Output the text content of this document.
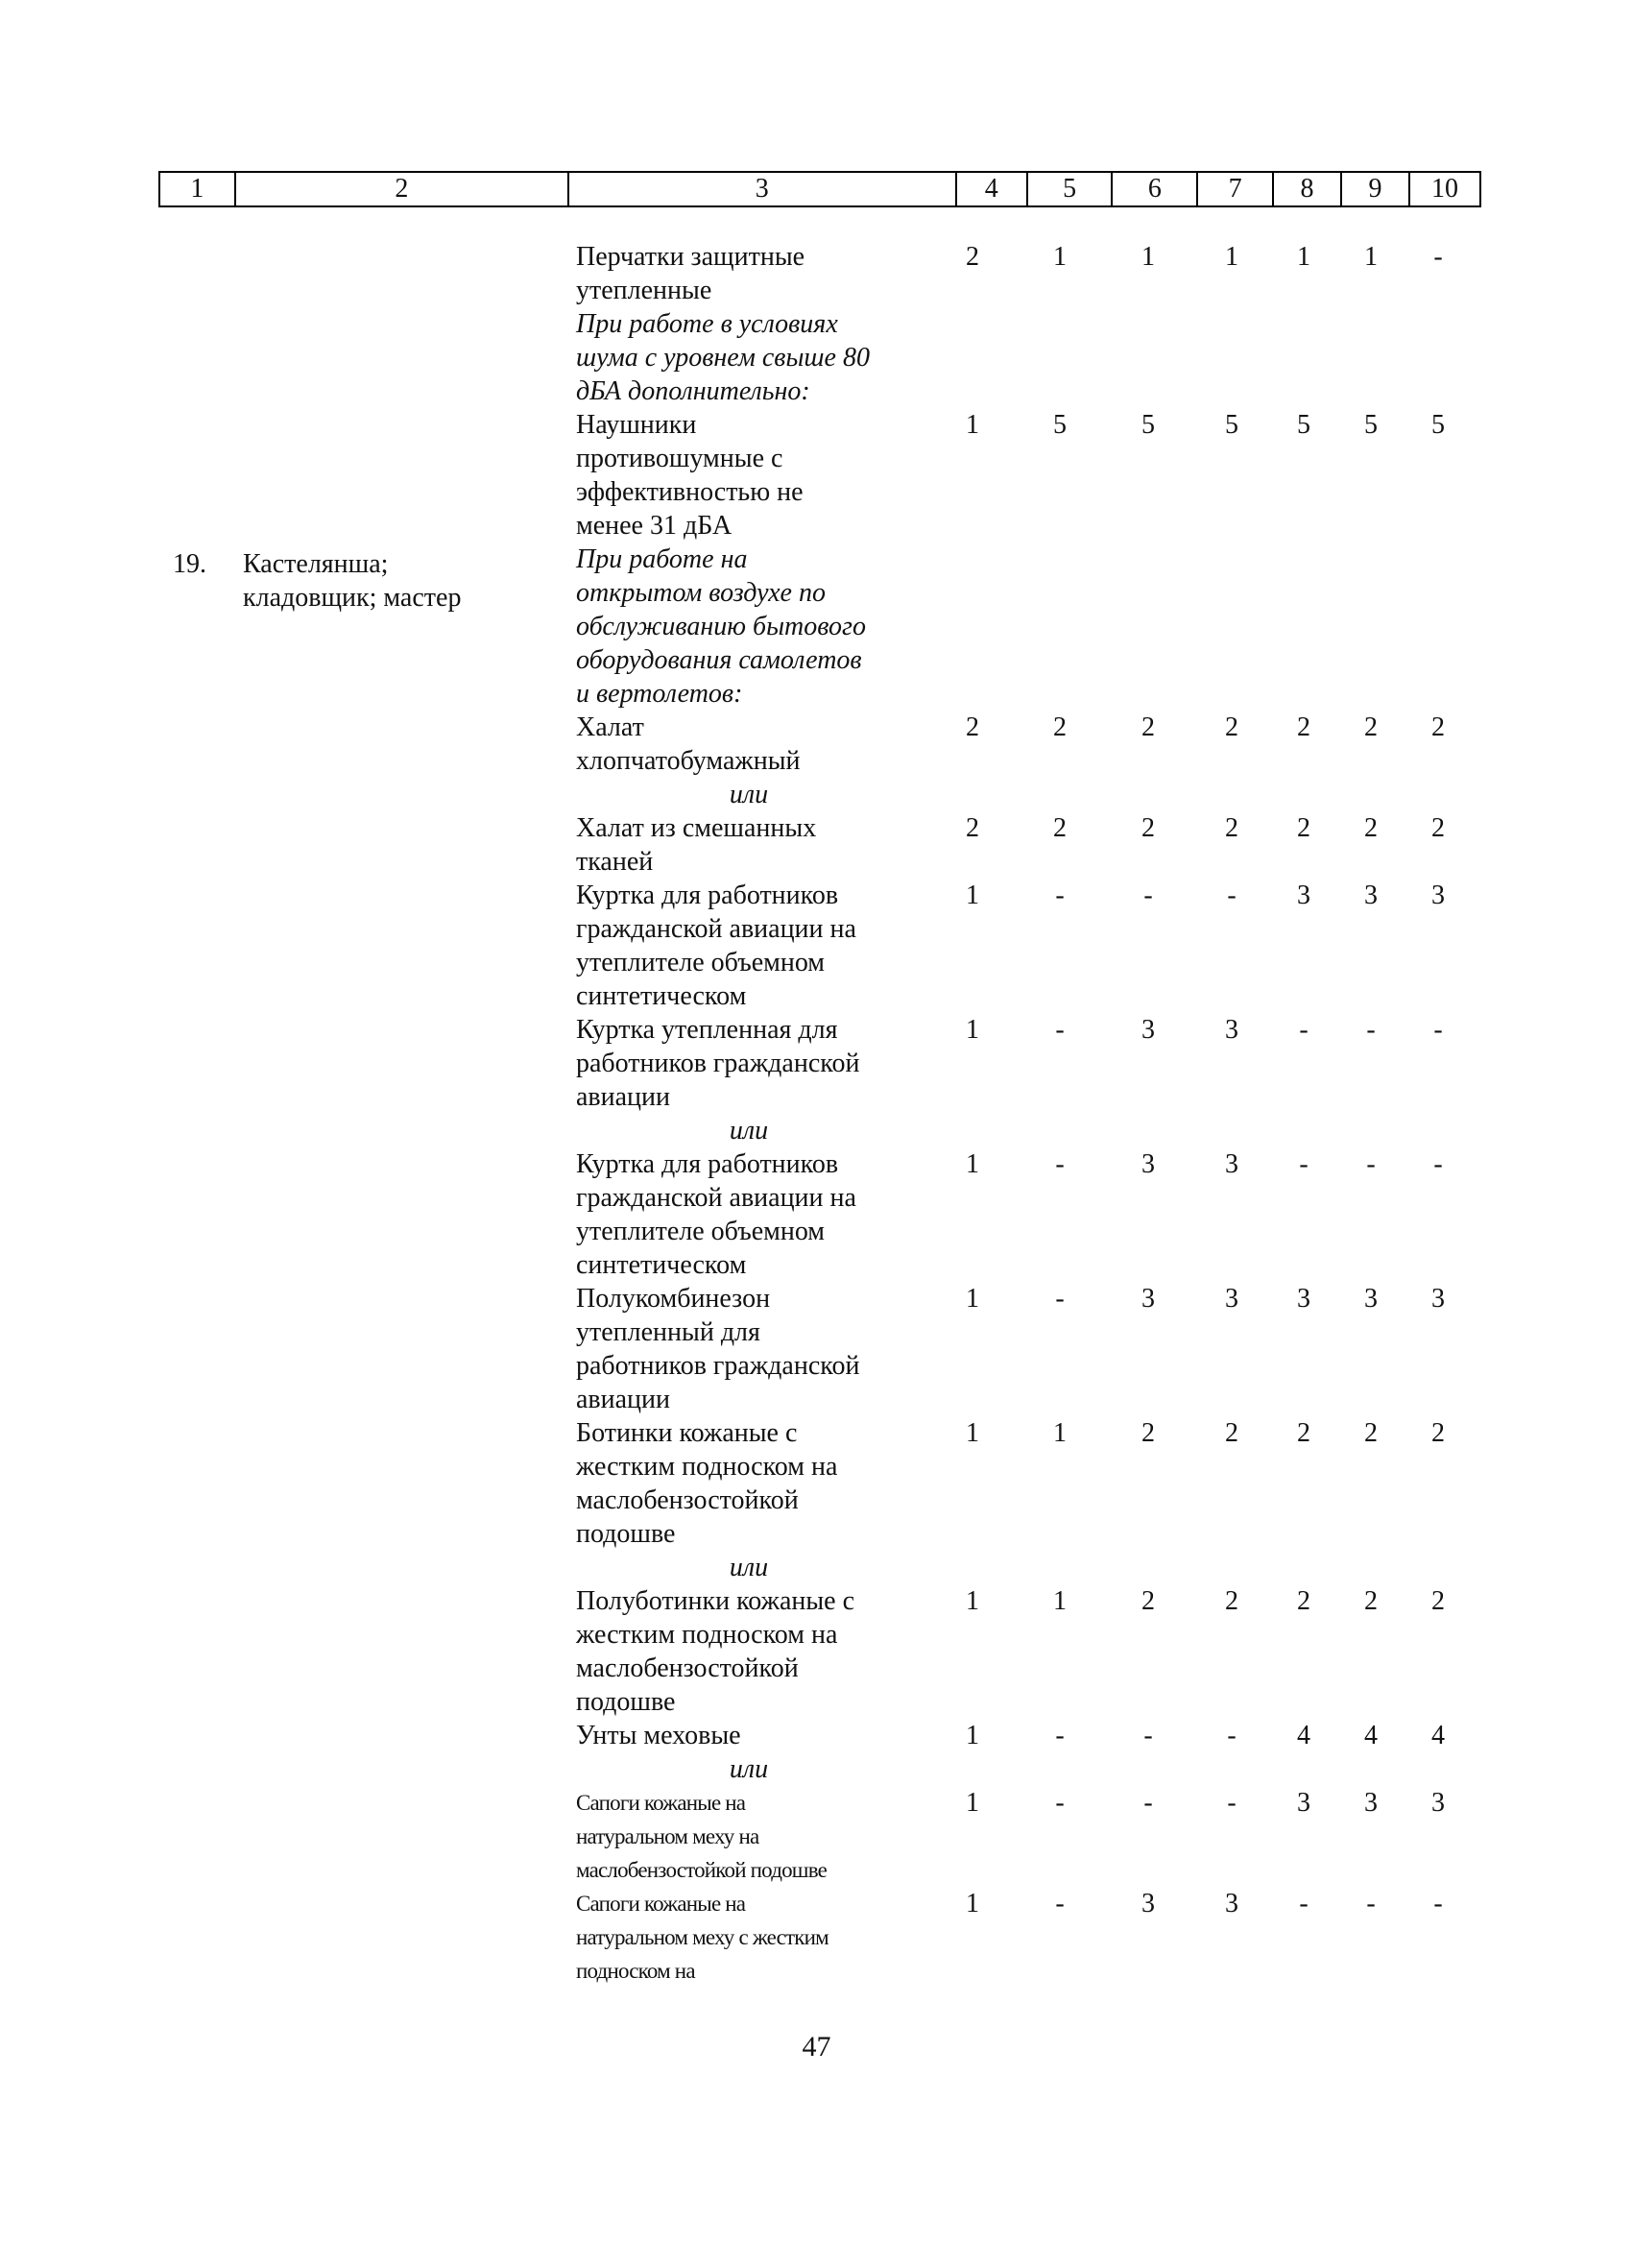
1	2	3	4	5	6	7	8	9	10
19. Кастелянша;
кладовщик; мастер
Перчатки защитные
утепленные
2	1	1	1	1	1	-
При работе в условиях
шума с уровнем свыше 80
дБА дополнительно:
Наушники
противошумные с
эффективностью не
менее 31 дБА
1	5	5	5	5	5	5
При работе на
открытом воздухе по
обслуживанию бытового
оборудования самолетов
и вертолетов:
Халат
хлопчатобумажный
2	2	2	2	2	2	2
или
Халат из смешанных
тканей
2	2	2	2	2	2	2
Куртка для работников
гражданской авиации на
утеплителе объемном
синтетическом
1	-	-	-	3	3	3
Куртка утепленная для
работников гражданской
авиации
1	-	3	3	-	-	-
или
Куртка для работников
гражданской авиации на
утеплителе объемном
синтетическом
1	-	3	3	-	-	-
Полукомбинезон
утепленный для
работников гражданской
авиации
1	-	3	3	3	3	3
Ботинки кожаные с
жестким подноском на
маслобензостойкой
подошве
1	1	2	2	2	2	2
или
Полуботинки кожаные с
жестким подноском на
маслобензостойкой
подошве
1	1	2	2	2	2	2
Унты меховые	1	-	-	-	4	4	4
или
Сапоги кожаные на
натуральном меху на
маслобензостойкой подошве
1	-	-	-	3	3	3
Сапоги кожаные на
натуральном меху с жестким
подноском на
1	-	3	3	-	-	-
47
